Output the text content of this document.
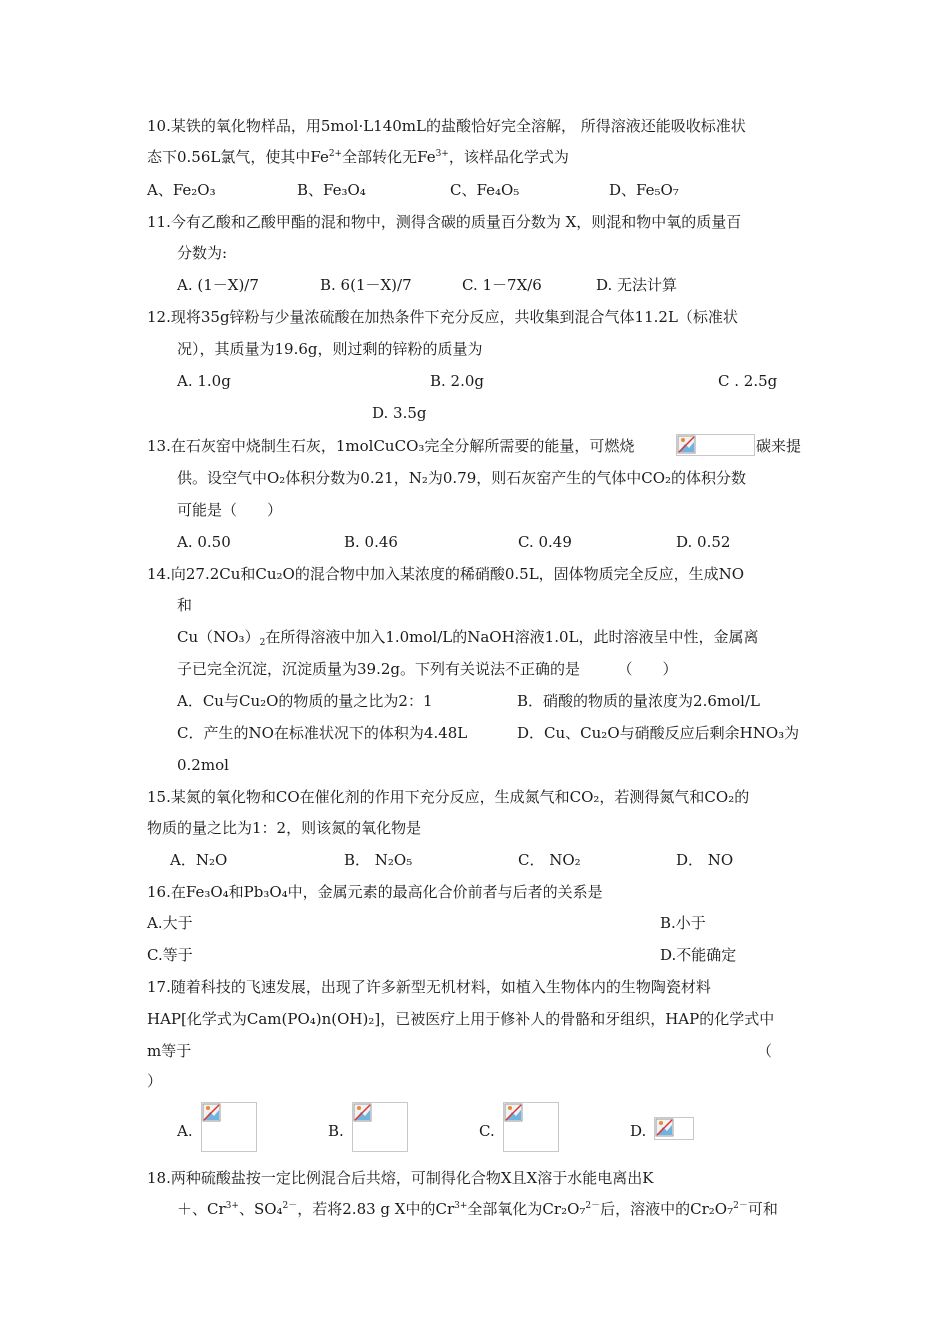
10.某铁的氧化物样品，用5mol·L140mL的盐酸恰好完全溶解， 所得溶液还能吸收标准状
态下0.56L氯气，使其中$Fe^{2+}$全部转化无$Fe^{3+}$，该样品化学式为
A、Fe₂O₃	B、Fe₃O₄	C、Fe₄O₅	D、Fe₅O₇
11.今有乙酸和乙酸甲酯的混和物中，测得含碳的质量百分数为 X，则混和物中氧的质量百
分数为:
A. (1－X)/7	B. 6(1－X)/7	C. 1－7X/6	D. 无法计算
12.现将35g锌粉与少量浓硫酸在加热条件下充分反应，共收集到混合气体11.2L（标准状
况），其质量为19.6g，则过剩的锌粉的质量为
A. 1.0g	B. 2.0g	C . 2.5g
D. 3.5g
13.在石灰窑中烧制生石灰，1molCuCO₃完全分解所需要的能量，可燃烧	碳来提
供。设空气中O₂体积分数为0.21，N₂为0.79，则石灰窑产生的气体中CO₂的体积分数
可能是（　　）
A. 0.50	B. 0.46	C. 0.49	D. 0.52
14.向27.2Cu和Cu₂O的混合物中加入某浓度的稀硝酸0.5L，固体物质完全反应，生成NO
和
$Cu(NO_3)_2$在所得溶液中加入1.0mol/L的NaOH溶液1.0L，此时溶液呈中性，金属离
子已完全沉淀，沉淀质量为39.2g。下列有关说法不正确的是　　　（　　）
A．Cu与Cu₂O的物质的量之比为2：1	B．硝酸的物质的量浓度为2.6mol/L
C．产生的NO在标准状况下的体积为4.48L	D．Cu、Cu₂O与硝酸反应后剩余HNO₃为
0.2mol
15.某氮的氧化物和CO在催化剂的作用下充分反应，生成氮气和CO₂，若测得氮气和CO₂的
物质的量之比为1：2，则该氮的氧化物是
A．N₂O	B． N₂O₅	C． NO₂	D． NO
16.在Fe₃O₄和Pb₃O₄中，金属元素的最高化合价前者与后者的关系是
A.大于	B.小于
C.等于	D.不能确定
17.随着科技的飞速发展，出现了许多新型无机材料，如植入生物体内的生物陶瓷材料
HAP[化学式为Cam(PO₄)n(OH)₂]，已被医疗上用于修补人的骨骼和牙组织，HAP的化学式中
m等于	（
）
A.	B.	C.	D.
18.两种硫酸盐按一定比例混合后共熔，可制得化合物X且X溶于水能电离出K
＋、$Cr^{3+}$、SO₄$^{2-}$，若将2.83 g X中的$Cr^{3+}$全部氧化为Cr₂O₇$^{2-}$后，溶液中的Cr₂O₇$^{2-}$可和
